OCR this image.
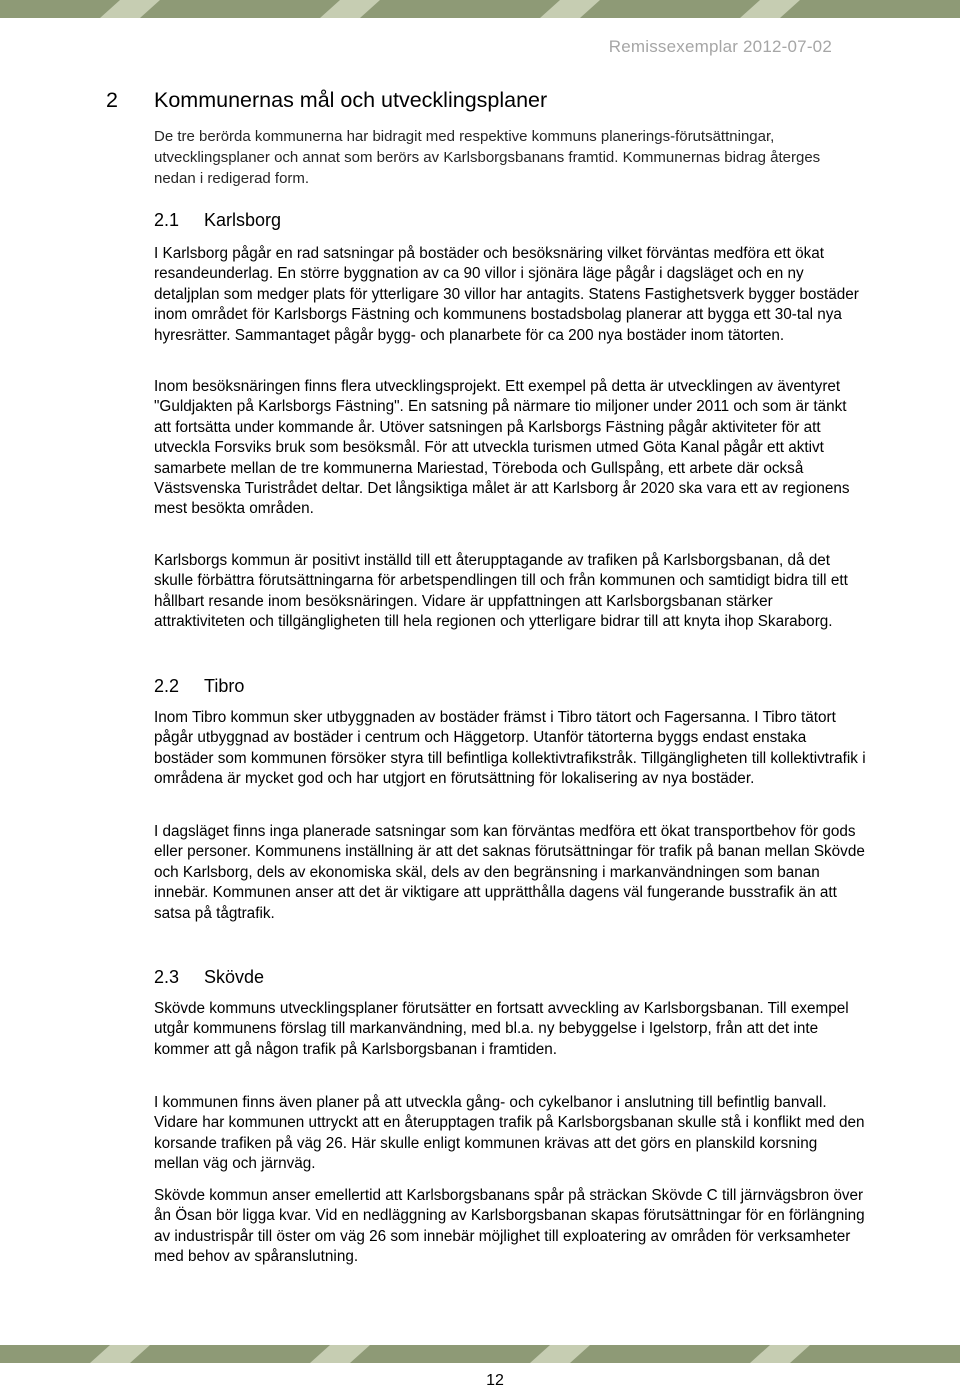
Remissexemplar 2012-07-02
2 Kommunernas mål och utvecklingsplaner

De tre berörda kommunerna har bidragit med respektive kommuns planerings-förutsättningar, utvecklingsplaner och annat som berörs av Karlsborgsbanans framtid. Kommunernas bidrag återges nedan i redigerad form.

2.1 Karlsborg

I Karlsborg pågår en rad satsningar på bostäder och besöksnäring vilket förväntas medföra ett ökat resandeunderlag. En större byggnation av ca 90 villor i sjönära läge pågår i dagsläget och en ny detaljplan som medger plats för ytterligare 30 villor har antagits. Statens Fastighetsverk bygger bostäder inom området för Karlsborgs Fästning och kommunens bostadsbolag planerar att bygga ett 30-tal nya hyresrätter. Sammantaget pågår bygg- och planarbete för ca 200 nya bostäder inom tätorten.

Inom besöksnäringen finns flera utvecklingsprojekt. Ett exempel på detta är utvecklingen av äventyret "Guldjakten på Karlsborgs Fästning". En satsning på närmare tio miljoner under 2011 och som är tänkt att fortsätta under kommande år. Utöver satsningen på Karlsborgs Fästning pågår aktiviteter för att utveckla Forsviks bruk som besöksmål. För att utveckla turismen utmed Göta Kanal pågår ett aktivt samarbete mellan de tre kommunerna Mariestad, Töreboda och Gullspång, ett arbete där också Västsvenska Turistrådet deltar. Det långsiktiga målet är att Karlsborg år 2020 ska vara ett av regionens mest besökta områden.

Karlsborgs kommun är positivt inställd till ett återupptagande av trafiken på Karlsborgsbanan, då det skulle förbättra förutsättningarna för arbetspendlingen till och från kommunen och samtidigt bidra till ett hållbart resande inom besöksnäringen. Vidare är uppfattningen att Karlsborgsbanan stärker attraktiviteten och tillgängligheten till hela regionen och ytterligare bidrar till att knyta ihop Skaraborg.

2.2 Tibro

Inom Tibro kommun sker utbyggnaden av bostäder främst i Tibro tätort och Fagersanna. I Tibro tätort pågår utbyggnad av bostäder i centrum och Häggetorp. Utanför tätorterna byggs endast enstaka bostäder som kommunen försöker styra till befintliga kollektivtrafikstråk. Tillgängligheten till kollektivtrafik i områdena är mycket god och har utgjort en förutsättning för lokalisering av nya bostäder.

I dagsläget finns inga planerade satsningar som kan förväntas medföra ett ökat transportbehov för gods eller personer. Kommunens inställning är att det saknas förutsättningar för trafik på banan mellan Skövde och Karlsborg, dels av ekonomiska skäl, dels av den begränsning i markanvändningen som banan innebär. Kommunen anser att det är viktigare att upprätthålla dagens väl fungerande busstrafik än att satsa på tågtrafik.

2.3 Skövde

Skövde kommuns utvecklingsplaner förutsätter en fortsatt avveckling av Karlsborgsbanan. Till exempel utgår kommunens förslag till markanvändning, med bl.a. ny bebyggelse i Igelstorp, från att det inte kommer att gå någon trafik på Karlsborgsbanan i framtiden.

I kommunen finns även planer på att utveckla gång- och cykelbanor i anslutning till befintlig banvall. Vidare har kommunen uttryckt att en återupptagen trafik på Karlsborgsbanan skulle stå i konflikt med den korsande trafiken på väg 26. Här skulle enligt kommunen krävas att det görs en planskild korsning mellan väg och järnväg.

Skövde kommun anser emellertid att Karlsborgsbanans spår på sträckan Skövde C till järnvägsbron över ån Ösan bör ligga kvar. Vid en nedläggning av Karlsborgsbanan skapas förutsättningar för en förlängning av industrispår till öster om väg 26 som innebär möjlighet till exploatering av områden för verksamheter med behov av spåranslutning.

12
